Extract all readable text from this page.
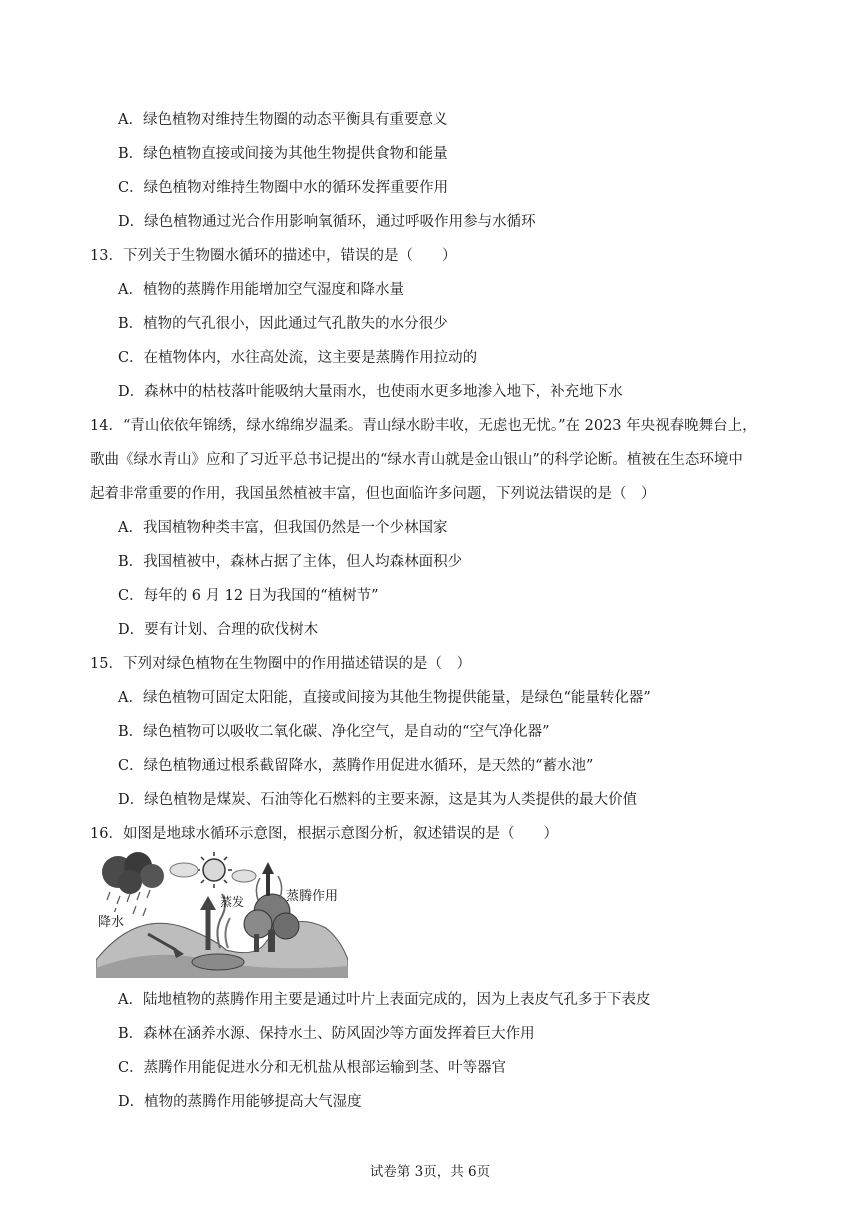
A．绿色植物对维持生物圈的动态平衡具有重要意义
B．绿色植物直接或间接为其他生物提供食物和能量
C．绿色植物对维持生物圈中水的循环发挥重要作用
D．绿色植物通过光合作用影响氧循环，通过呼吸作用参与水循环
13．下列关于生物圈水循环的描述中，错误的是（　　）
A．植物的蒸腾作用能增加空气湿度和降水量
B．植物的气孔很小，因此通过气孔散失的水分很少
C．在植物体内，水往高处流，这主要是蒸腾作用拉动的
D．森林中的枯枝落叶能吸纳大量雨水，也使雨水更多地渗入地下，补充地下水
14．“青山依依年锦绣，绿水绵绵岁温柔。青山绿水盼丰收，无虑也无忧。”在 2023 年央视春晚舞台上，
歌曲《绿水青山》应和了习近平总书记提出的“绿水青山就是金山银山”的科学论断。植被在生态环境中
起着非常重要的作用，我国虽然植被丰富，但也面临许多问题，下列说法错误的是（　）
A．我国植物种类丰富，但我国仍然是一个少林国家
B．我国植被中，森林占据了主体，但人均森林面积少
C．每年的 6 月 12 日为我国的“植树节”
D．要有计划、合理的砍伐树木
15．下列对绿色植物在生物圈中的作用描述错误的是（　）
A．绿色植物可固定太阳能，直接或间接为其他生物提供能量，是绿色“能量转化器”
B．绿色植物可以吸收二氧化碳、净化空气，是自动的“空气净化器”
C．绿色植物通过根系截留降水，蒸腾作用促进水循环，是天然的“蓄水池”
D．绿色植物是煤炭、石油等化石燃料的主要来源，这是其为人类提供的最大价值
16．如图是地球水循环示意图，根据示意图分析，叙述错误的是（　　）
降水
蒸发	蒸腾作用
A．陆地植物的蒸腾作用主要是通过叶片上表面完成的，因为上表皮气孔多于下表皮
B．森林在涵养水源、保持水土、防风固沙等方面发挥着巨大作用
C．蒸腾作用能促进水分和无机盐从根部运输到茎、叶等器官
D．植物的蒸腾作用能够提高大气湿度
试卷第 3页，共 6页
